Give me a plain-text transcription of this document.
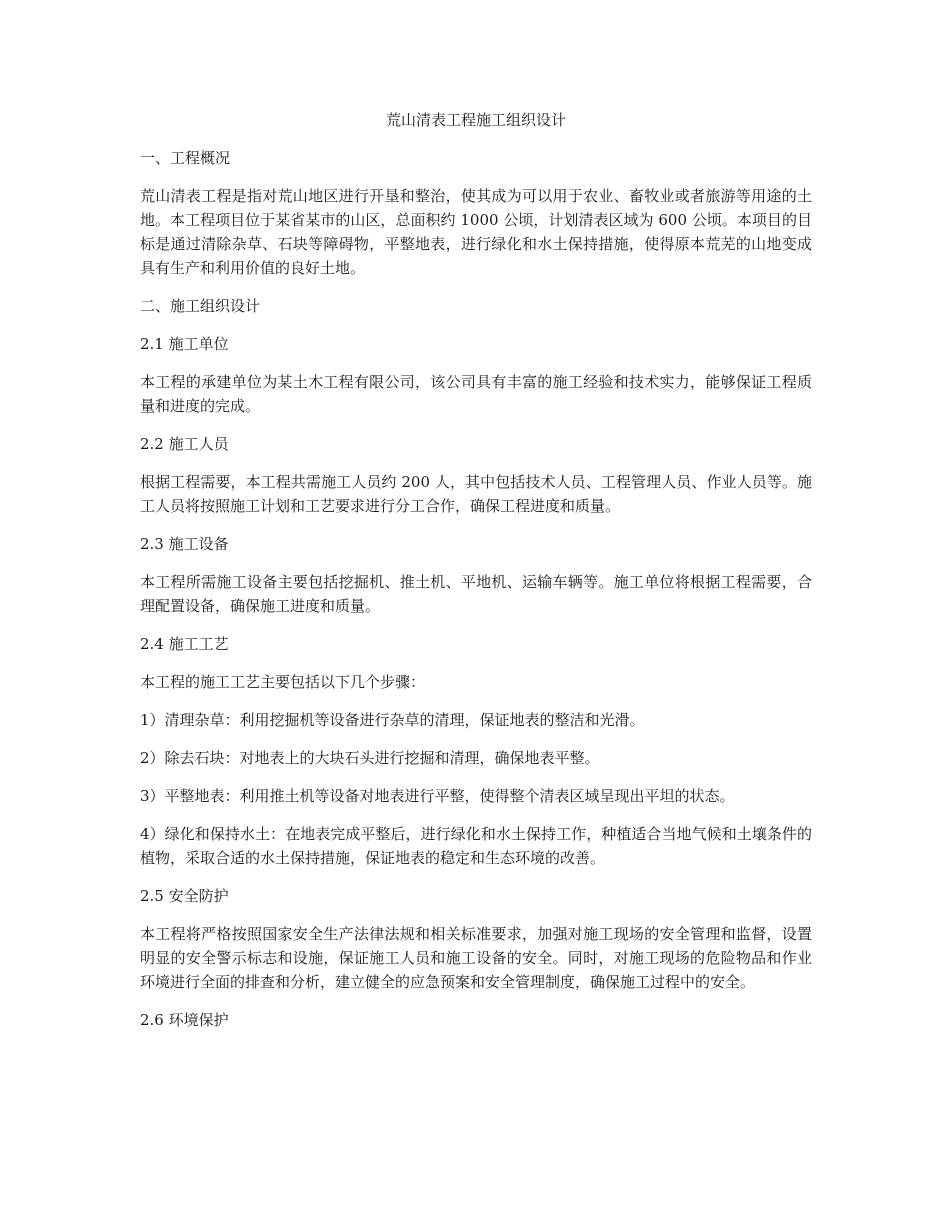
荒山清表工程施工组织设计

一、工程概况

荒山清表工程是指对荒山地区进行开垦和整治，使其成为可以用于农业、畜牧业或者旅游等用途的土地。本工程项目位于某省某市的山区，总面积约 1000 公顷，计划清表区域为 600 公顷。本项目的目标是通过清除杂草、石块等障碍物，平整地表，进行绿化和水土保持措施，使得原本荒芜的山地变成具有生产和利用价值的良好土地。

二、施工组织设计

2.1 施工单位

本工程的承建单位为某土木工程有限公司，该公司具有丰富的施工经验和技术实力，能够保证工程质量和进度的完成。

2.2 施工人员

根据工程需要，本工程共需施工人员约 200 人，其中包括技术人员、工程管理人员、作业人员等。施工人员将按照施工计划和工艺要求进行分工合作，确保工程进度和质量。

2.3 施工设备

本工程所需施工设备主要包括挖掘机、推土机、平地机、运输车辆等。施工单位将根据工程需要，合理配置设备，确保施工进度和质量。

2.4 施工工艺

本工程的施工工艺主要包括以下几个步骤：

1）清理杂草：利用挖掘机等设备进行杂草的清理，保证地表的整洁和光滑。

2）除去石块：对地表上的大块石头进行挖掘和清理，确保地表平整。

3）平整地表：利用推土机等设备对地表进行平整，使得整个清表区域呈现出平坦的状态。

4）绿化和保持水土：在地表完成平整后，进行绿化和水土保持工作，种植适合当地气候和土壤条件的植物，采取合适的水土保持措施，保证地表的稳定和生态环境的改善。

2.5 安全防护

本工程将严格按照国家安全生产法律法规和相关标准要求，加强对施工现场的安全管理和监督，设置明显的安全警示标志和设施，保证施工人员和施工设备的安全。同时，对施工现场的危险物品和作业环境进行全面的排查和分析，建立健全的应急预案和安全管理制度，确保施工过程中的安全。

2.6 环境保护
